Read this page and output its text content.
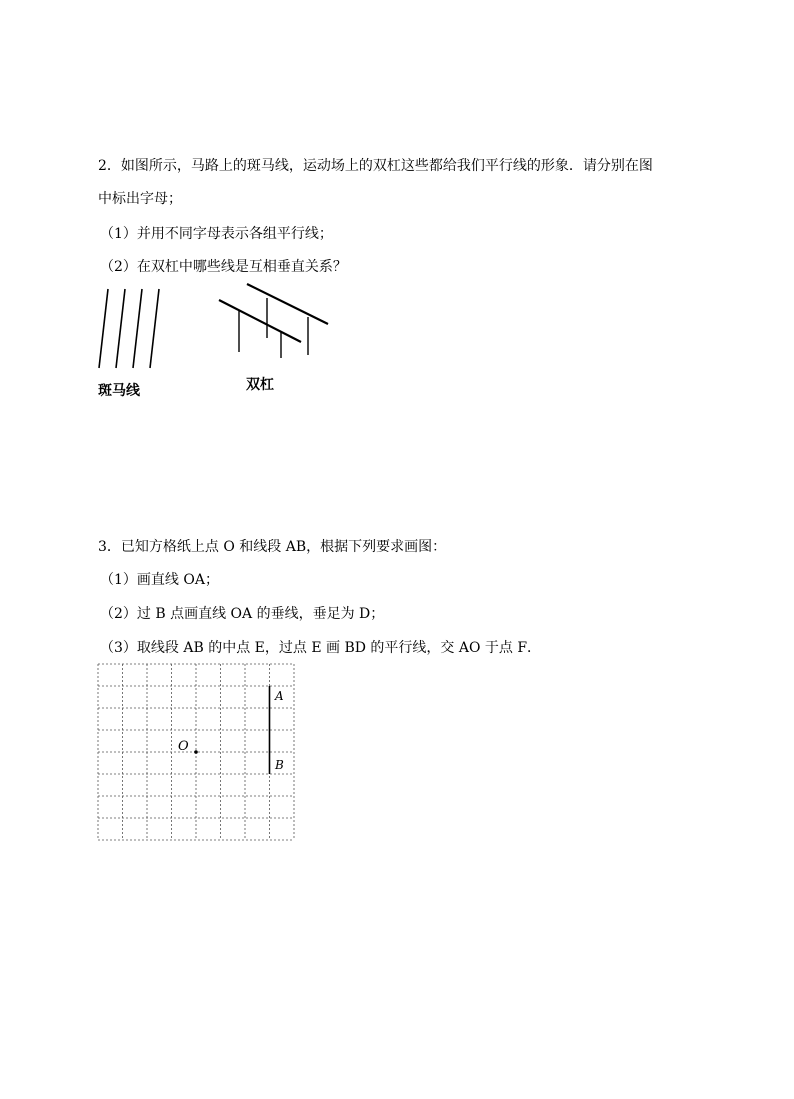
2．如图所示，马路上的斑马线，运动场上的双杠这些都给我们平行线的形象．请分别在图
中标出字母；
（1）并用不同字母表示各组平行线；
（2）在双杠中哪些线是互相垂直关系？
斑马线	双杠
3．已知方格纸上点 O 和线段 AB，根据下列要求画图：
（1）画直线 OA；
（2）过 B 点画直线 OA 的垂线，垂足为 D；
（3）取线段 AB 的中点 E，过点 E 画 BD 的平行线，交 AO 于点 F．
A
B
O
